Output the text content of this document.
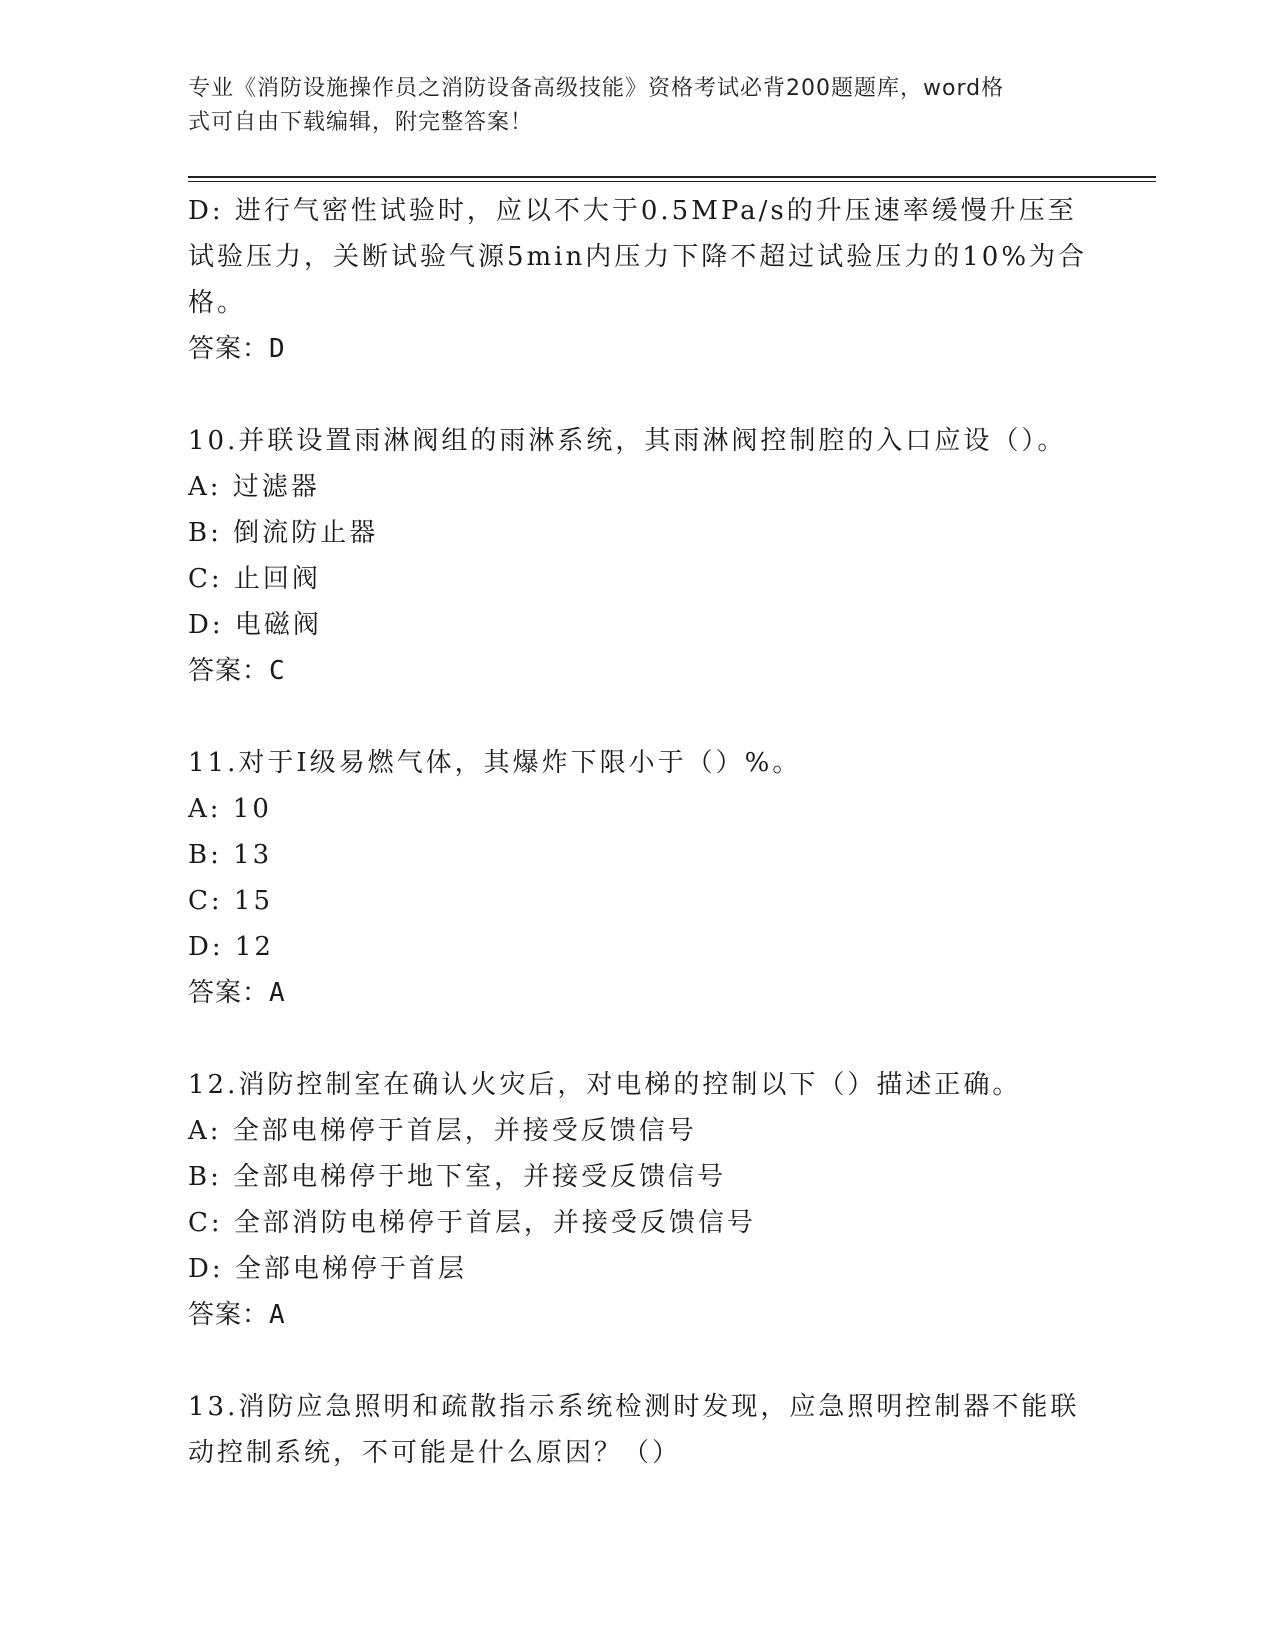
专业《消防设施操作员之消防设备高级技能》资格考试必背200题题库，word格
式可自由下载编辑，附完整答案！

D: 进行气密性试验时，应以不大于0.5MPa/s的升压速率缓慢升压至

试验压力，关断试验气源5min内压力下降不超过试验压力的10%为合

格。

答案：D

10.并联设置雨淋阀组的雨淋系统，其雨淋阀控制腔的入口应设（）。

A: 过滤器

B: 倒流防止器

C: 止回阀

D: 电磁阀

答案：C

11.对于Ⅰ级易燃气体，其爆炸下限小于（）%。

A: 10

B: 13

C: 15

D: 12

答案：A

12.消防控制室在确认火灾后，对电梯的控制以下（）描述正确。

A: 全部电梯停于首层，并接受反馈信号

B: 全部电梯停于地下室，并接受反馈信号

C: 全部消防电梯停于首层，并接受反馈信号

D: 全部电梯停于首层

答案：A

13.消防应急照明和疏散指示系统检测时发现，应急照明控制器不能联

动控制系统，不可能是什么原因？（）
